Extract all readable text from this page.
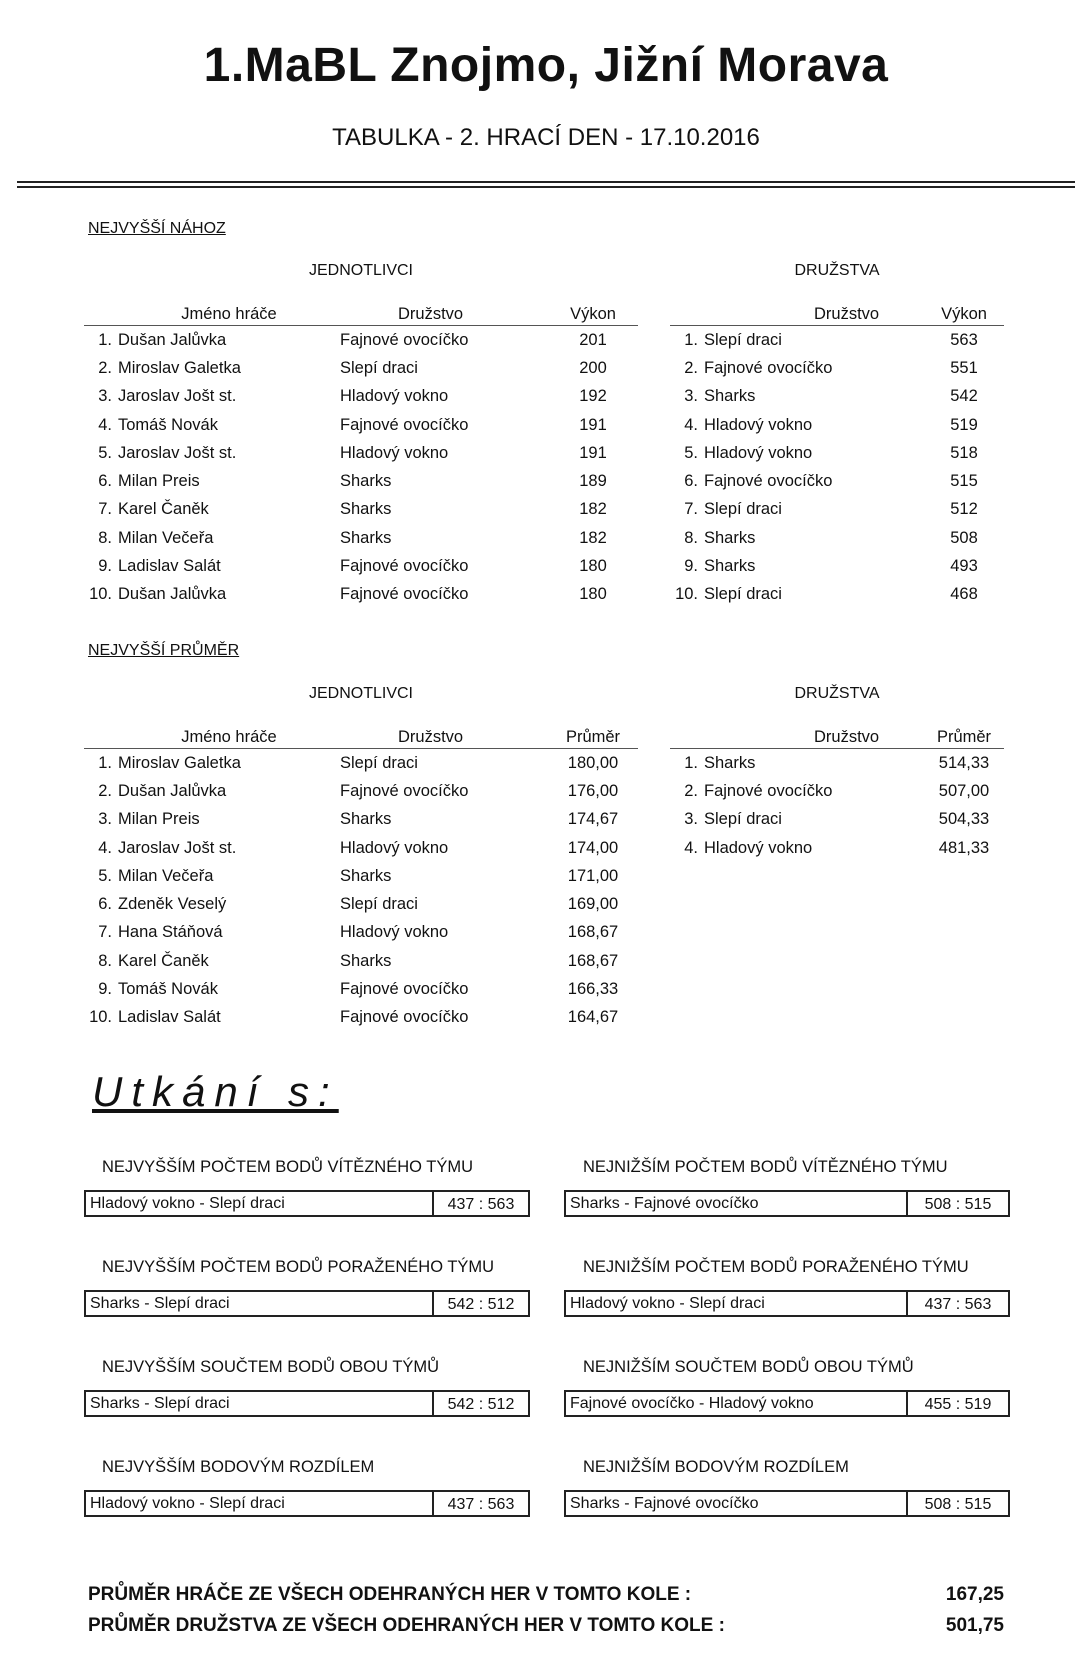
1.MaBL Znojmo, Jižní Morava
TABULKA - 2. HRACÍ DEN - 17.10.2016
NEJVYŠŠÍ NÁHOZ
JEDNOTLIVCI	DRUŽSTVA
	Jméno hráče	Družstvo	Výkon
1.	Dušan Jalůvka	Fajnové ovocíčko	201
2.	Miroslav Galetka	Slepí draci	200
3.	Jaroslav Jošt st.	Hladový vokno	192
4.	Tomáš Novák	Fajnové ovocíčko	191
5.	Jaroslav Jošt st.	Hladový vokno	191
6.	Milan Preis	Sharks	189
7.	Karel Čaněk	Sharks	182
8.	Milan Večeřa	Sharks	182
9.	Ladislav Salát	Fajnové ovocíčko	180
10.	Dušan Jalůvka	Fajnové ovocíčko	180
	Družstvo	Výkon
1.	Slepí draci	563
2.	Fajnové ovocíčko	551
3.	Sharks	542
4.	Hladový vokno	519
5.	Hladový vokno	518
6.	Fajnové ovocíčko	515
7.	Slepí draci	512
8.	Sharks	508
9.	Sharks	493
10.	Slepí draci	468
NEJVYŠŠÍ PRŮMĚR
JEDNOTLIVCI	DRUŽSTVA
	Jméno hráče	Družstvo	Průměr
1.	Miroslav Galetka	Slepí draci	180,00
2.	Dušan Jalůvka	Fajnové ovocíčko	176,00
3.	Milan Preis	Sharks	174,67
4.	Jaroslav Jošt st.	Hladový vokno	174,00
5.	Milan Večeřa	Sharks	171,00
6.	Zdeněk Veselý	Slepí draci	169,00
7.	Hana Stáňová	Hladový vokno	168,67
8.	Karel Čaněk	Sharks	168,67
9.	Tomáš Novák	Fajnové ovocíčko	166,33
10.	Ladislav Salát	Fajnové ovocíčko	164,67
	Družstvo	Průměr
1.	Sharks	514,33
2.	Fajnové ovocíčko	507,00
3.	Slepí draci	504,33
4.	Hladový vokno	481,33
Utkání s:
NEJVYŠŠÍM POČTEM BODŮ VÍTĚZNÉHO TÝMU
Hladový vokno - Slepí draci	437 : 563
NEJNIŽŠÍM POČTEM BODŮ VÍTĚZNÉHO TÝMU
Sharks - Fajnové ovocíčko	508 : 515
NEJVYŠŠÍM POČTEM BODŮ PORAŽENÉHO TÝMU
Sharks - Slepí draci	542 : 512
NEJNIŽŠÍM POČTEM BODŮ PORAŽENÉHO TÝMU
Hladový vokno - Slepí draci	437 : 563
NEJVYŠŠÍM SOUČTEM BODŮ OBOU TÝMŮ
Sharks - Slepí draci	542 : 512
NEJNIŽŠÍM SOUČTEM BODŮ OBOU TÝMŮ
Fajnové ovocíčko - Hladový vokno	455 : 519
NEJVYŠŠÍM BODOVÝM ROZDÍLEM
Hladový vokno - Slepí draci	437 : 563
NEJNIŽŠÍM BODOVÝM ROZDÍLEM
Sharks - Fajnové ovocíčko	508 : 515
PRŮMĚR HRÁČE ZE VŠECH ODEHRANÝCH HER V TOMTO KOLE :	167,25
PRŮMĚR DRUŽSTVA ZE VŠECH ODEHRANÝCH HER V TOMTO KOLE :	501,75
